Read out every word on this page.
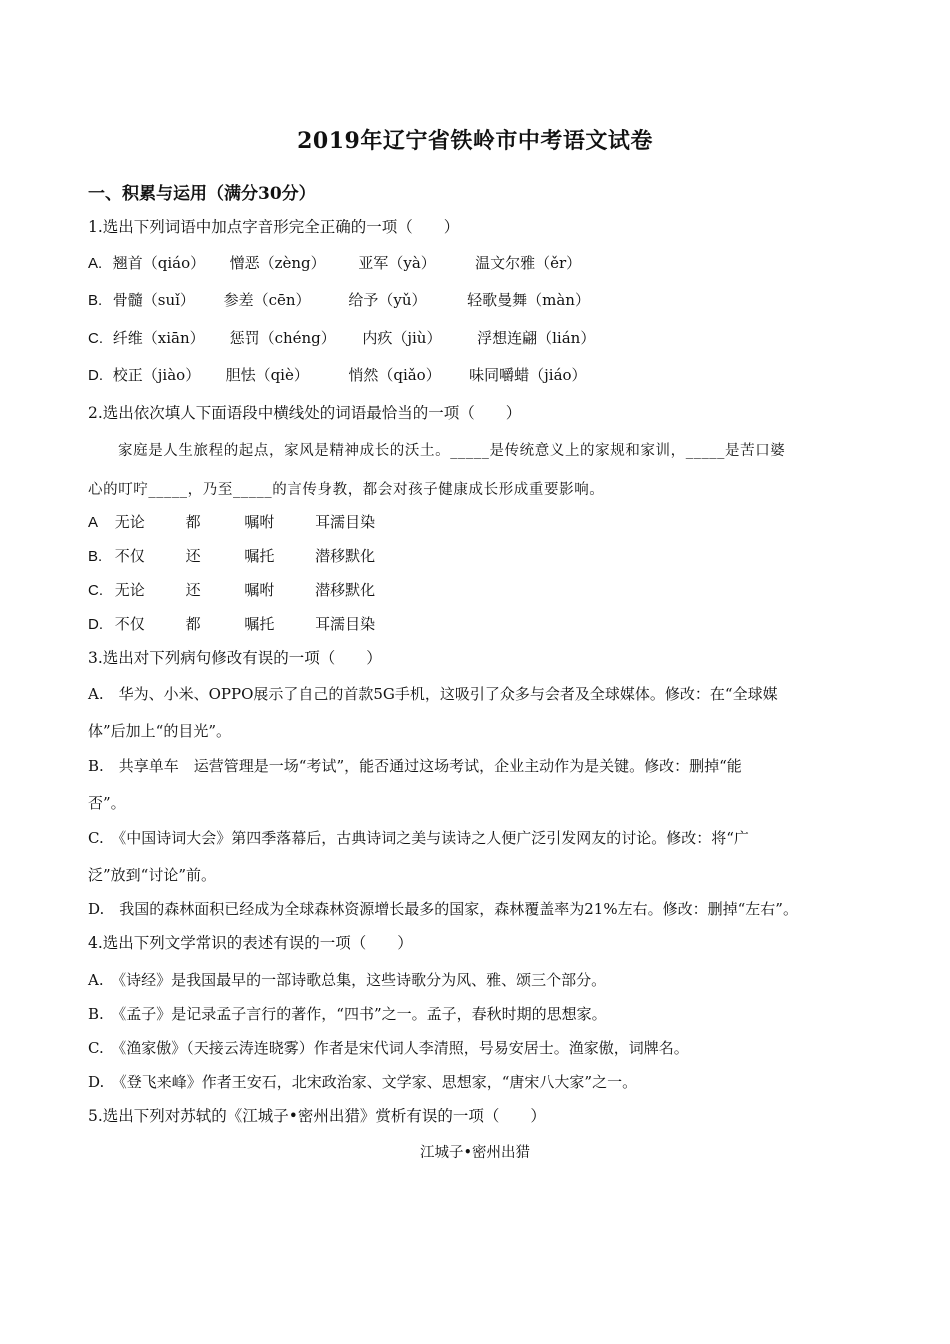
2019年辽宁省铁岭市中考语文试卷
一、积累与运用（满分30分）
1.选出下列词语中加点字音形完全正确的一项（　　）
A. 翘首（qiáo） 憎恶（zèng） 亚军（yà）	温文尔雅（ěr）
B. 骨髓（suǐ） 参差（cēn）	给予（yǔ）	轻歌曼舞（màn）
C. 纤维（xiān） 惩罚（chéng） 内疚（jiù） 浮想连翩（lián）
D. 校正（jiào） 胆怯（qiè）	悄然（qiǎo） 味同嚼蜡（jiáo）
2.选出依次填人下面语段中横线处的词语最恰当的一项（　　）
家庭是人生旅程的起点，家风是精神成长的沃土。_____是传统意义上的家规和家训，_____是苦口婆
心的叮咛_____，乃至_____的言传身教，都会对孩子健康成长形成重要影响。
A 无论	都	嘱咐	耳濡目染
B. 不仅	还	嘱托	潜移默化
C. 无论	还	嘱咐	潜移默化
D. 不仅	都	嘱托	耳濡目染
3.选出对下列病句修改有误的一项（　　）
A.　华为、小米、OPPO展示了自己的首款5G手机，这吸引了众多与会者及全球媒体。修改：在“全球媒
体”后加上“的目光”。
B.　共享单车　运营管理是一场“考试”，能否通过这场考试，企业主动作为是关键。修改：删掉“能
否”。
C.　《中国诗词大会》第四季落幕后，古典诗词之美与读诗之人便广泛引发网友的讨论。修改：将“广
泛”放到“讨论”前。
D.　我国的森林面积已经成为全球森林资源增长最多的国家，森林覆盖率为21%左右。修改：删掉“左右”。
4.选出下列文学常识的表述有误的一项（　　）
A.　《诗经》是我国最早的一部诗歌总集，这些诗歌分为风、雅、颂三个部分。
B.　《孟子》是记录孟子言行的著作，“四书”之一。孟子，春秋时期的思想家。
C.　《渔家傲》（天接云涛连晓雾）作者是宋代词人李清照，号易安居士。渔家傲，词牌名。
D.　《登飞来峰》作者王安石，北宋政治家、文学家、思想家，“唐宋八大家”之一。
5.选出下列对苏轼的《江城子•密州出猎》赏析有误的一项（　　）
江城子•密州出猎
